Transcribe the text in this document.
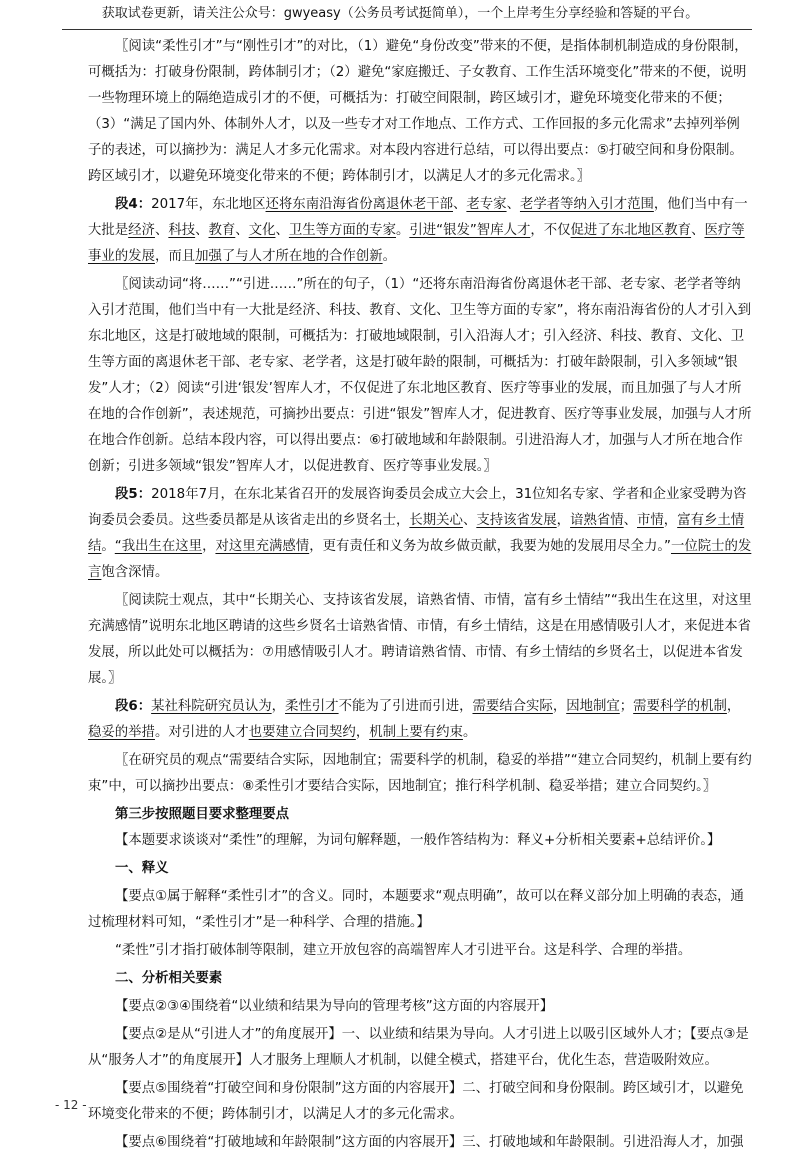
获取试卷更新，请关注公众号：gwyeasy（公务员考试挺简单），一个上岸考生分享经验和答疑的平台。

〖阅读“柔性引才”与“刚性引才”的对比，（1）避免“身份改变”带来的不便，是指体制机制造成的身份限制，可概括为：打破身份限制，跨体制引才；（2）避免“家庭搬迁、子女教育、工作生活环境变化”带来的不便，说明一些物理环境上的隔绝造成引才的不便，可概括为：打破空间限制，跨区域引才，避免环境变化带来的不便；（3）“满足了国内外、体制外人才，以及一些专才对工作地点、工作方式、工作回报的多元化需求”去掉列举例子的表述，可以摘抄为：满足人才多元化需求。对本段内容进行总结，可以得出要点：⑤打破空间和身份限制。跨区域引才，以避免环境变化带来的不便；跨体制引才，以满足人才的多元化需求。〗

段4：2017年，东北地区还将东南沿海省份离退休老干部、老专家、老学者等纳入引才范围，他们当中有一大批是经济、科技、教育、文化、卫生等方面的专家。引进“银发”智库人才，不仅促进了东北地区教育、医疗等事业的发展，而且加强了与人才所在地的合作创新。

〖阅读动词“将……”“引进……”所在的句子，（1）“还将东南沿海省份离退休老干部、老专家、老学者等纳入引才范围，他们当中有一大批是经济、科技、教育、文化、卫生等方面的专家”，将东南沿海省份的人才引入到东北地区，这是打破地域的限制，可概括为：打破地域限制，引入沿海人才；引入经济、科技、教育、文化、卫生等方面的离退休老干部、老专家、老学者，这是打破年龄的限制，可概括为：打破年龄限制，引入多领域“银发”人才；（2）阅读“引进‘银发’智库人才，不仅促进了东北地区教育、医疗等事业的发展，而且加强了与人才所在地的合作创新”，表述规范，可摘抄出要点：引进“银发”智库人才，促进教育、医疗等事业发展，加强与人才所在地合作创新。总结本段内容，可以得出要点：⑥打破地域和年龄限制。引进沿海人才，加强与人才所在地合作创新；引进多领域“银发”智库人才，以促进教育、医疗等事业发展。〗

段5：2018年7月，在东北某省召开的发展咨询委员会成立大会上，31位知名专家、学者和企业家受聘为咨询委员会委员。这些委员都是从该省走出的乡贤名士，长期关心、支持该省发展，谙熟省情、市情，富有乡土情结。“我出生在这里，对这里充满感情，更有责任和义务为故乡做贡献，我要为她的发展用尽全力。”一位院士的发言饱含深情。

〖阅读院士观点，其中“长期关心、支持该省发展，谙熟省情、市情，富有乡土情结”“我出生在这里，对这里充满感情”说明东北地区聘请的这些乡贤名士谙熟省情、市情，有乡土情结，这是在用感情吸引人才，来促进本省发展，所以此处可以概括为：⑦用感情吸引人才。聘请谙熟省情、市情、有乡土情结的乡贤名士，以促进本省发展。〗

段6：某社科院研究员认为，柔性引才不能为了引进而引进，需要结合实际，因地制宜；需要科学的机制，稳妥的举措。对引进的人才也要建立合同契约，机制上要有约束。

〖在研究员的观点“需要结合实际，因地制宜；需要科学的机制，稳妥的举措”“建立合同契约，机制上要有约束”中，可以摘抄出要点：⑧柔性引才要结合实际，因地制宜；推行科学机制、稳妥举措；建立合同契约。〗

第三步按照题目要求整理要点

【本题要求谈谈对“柔性”的理解，为词句解释题，一般作答结构为：释义+分析相关要素+总结评价。】

一、释义

【要点①属于解释“柔性引才”的含义。同时，本题要求“观点明确”，故可以在释义部分加上明确的表态，通过梳理材料可知，“柔性引才”是一种科学、合理的措施。】

“柔性”引才指打破体制等限制，建立开放包容的高端智库人才引进平台。这是科学、合理的举措。

二、分析相关要素

【要点②③④围绕着“以业绩和结果为导向的管理考核”这方面的内容展开】

【要点②是从“引进人才”的角度展开】一、以业绩和结果为导向。人才引进上以吸引区域外人才；【要点③是从“服务人才”的角度展开】人才服务上理顺人才机制，以健全模式，搭建平台，优化生态，营造吸附效应。

【要点⑤围绕着“打破空间和身份限制”这方面的内容展开】二、打破空间和身份限制。跨区域引才，以避免环境变化带来的不便；跨体制引才，以满足人才的多元化需求。

【要点⑥围绕着“打破地域和年龄限制”这方面的内容展开】三、打破地域和年龄限制。引进沿海人才，加强

- 12 -
